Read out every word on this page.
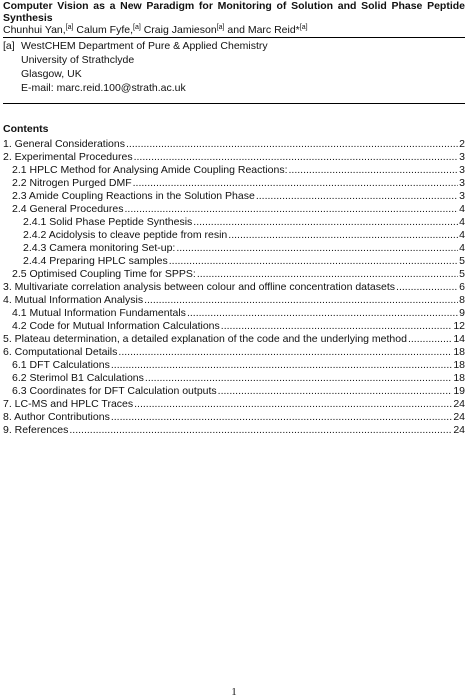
Computer Vision as a New Paradigm for Monitoring of Solution and Solid Phase Peptide Synthesis
Chunhui Yan,[a] Calum Fyfe,[a] Craig Jamieson[a] and Marc Reid*[a]
[a] WestCHEM Department of Pure & Applied Chemistry
University of Strathclyde
Glasgow, UK
E-mail: marc.reid.100@strath.ac.uk
Contents
1. General Considerations .....	2
2. Experimental Procedures .....	3
2.1 HPLC Method for Analysing Amide Coupling Reactions: .....	3
2.2 Nitrogen Purged DMF .....	3
2.3 Amide Coupling Reactions in the Solution Phase .....	3
2.4 General Procedures .....	4
2.4.1 Solid Phase Peptide Synthesis .....	4
2.4.2 Acidolysis to cleave peptide from resin .....	4
2.4.3 Camera monitoring Set-up: .....	4
2.4.4 Preparing HPLC samples .....	5
2.5 Optimised Coupling Time for SPPS: .....	5
3. Multivariate correlation analysis between colour and offline concentration datasets .....	6
4. Mutual Information Analysis .....	8
4.1 Mutual Information Fundamentals .....	9
4.2 Code for Mutual Information Calculations .....	12
5. Plateau determination, a detailed explanation of the code and the underlying method .....	14
6. Computational Details .....	18
6.1 DFT Calculations .....	18
6.2 Sterimol B1 Calculations .....	18
6.3 Coordinates for DFT Calculation outputs .....	19
7. LC-MS and HPLC Traces .....	24
8. Author Contributions .....	24
9. References .....	24
1
